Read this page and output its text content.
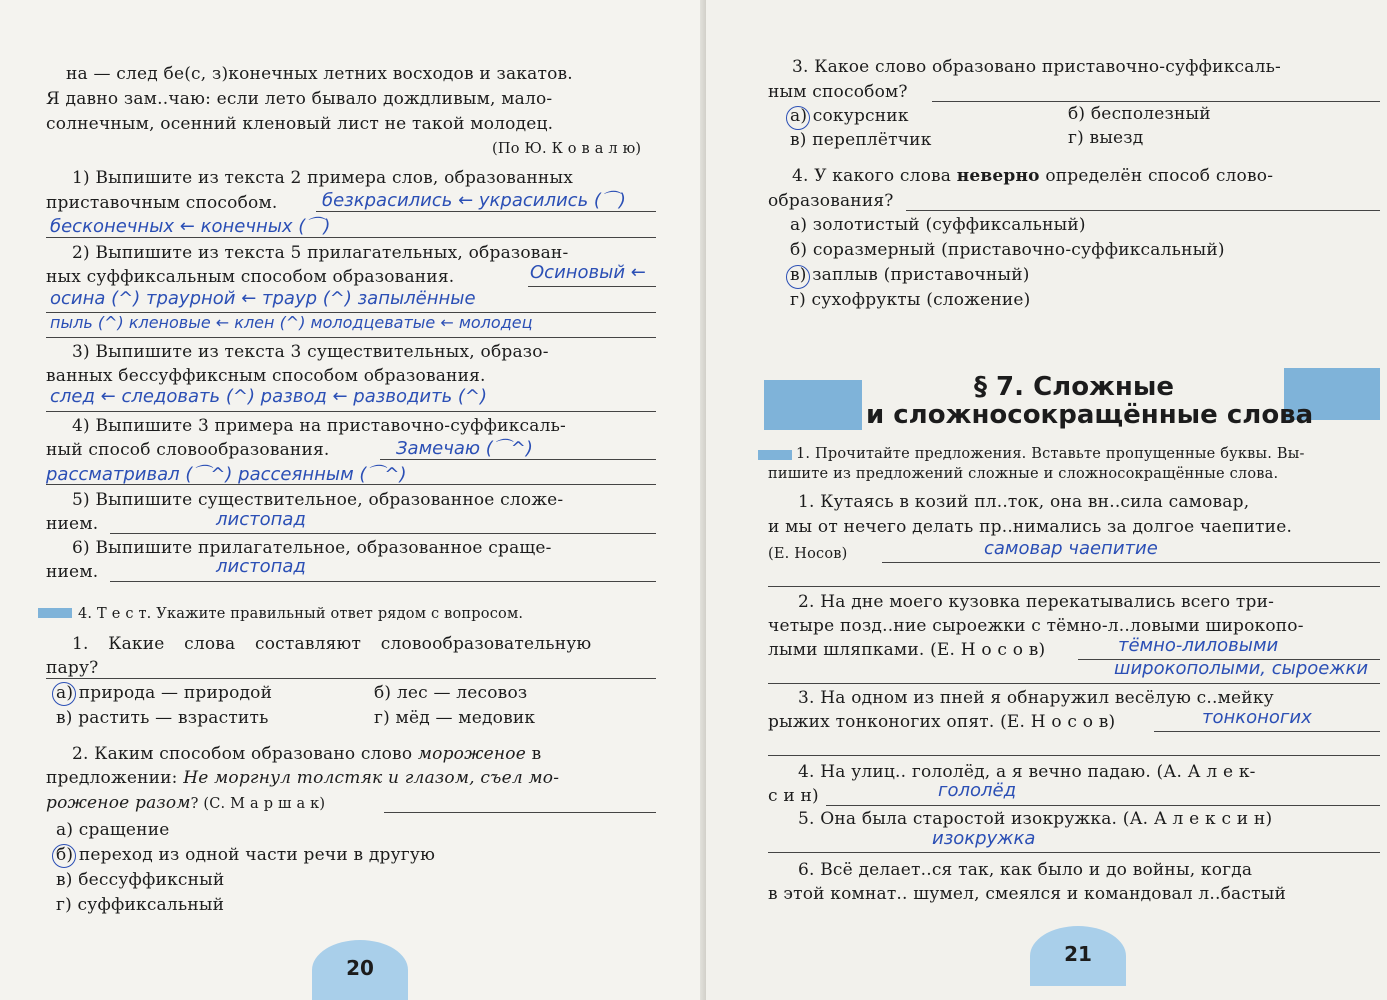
на — след бе(с, з)конечных летних восходов и закатов.
Я давно зам..чаю: если лето бывало дождливым, мало-
солнечным, осенний кленовый лист не такой молодец.
(По Ю. К о в а л ю)
1) Выпишите из текста 2 примера слов, образованных
приставочным способом. безкрасились ← украсились (⌒)
бесконечных ← конечных (⌒)
2) Выпишите из текста 5 прилагательных, образован-
ных суффиксальным способом образования.	Осиновый ←
осина (^) траурной ← траур (^) запылённые
пыль (^) кленовые ← клен (^) молодцеватые ← молодец
3) Выпишите из текста 3 существительных, образо-
ванных бессуффиксным способом образования.
след ← следовать (^) развод ← разводить (^)
4) Выпишите 3 примера на приставочно-суффиксаль-
ный способ словообразования.	Замечаю (⌒^)
рассматривал (⌒^) рассеянным (⌒^)
5) Выпишите существительное, образованное сложе-
нием.	листопад
6) Выпишите прилагательное, образованное сраще-
нием.	листопад
4. Т е с т. Укажите правильный ответ рядом с вопросом.
1. Какие слова составляют словообразовательную
пару?
а) природа — природой	б) лес — лесовоз
в) растить — взрастить	г) мёд — медовик
2. Каким способом образовано слово мороженое в
предложении: Не моргнул толстяк и глазом, съел мо-
роженое разом? (С. М а р ш а к)
а) сращение
б) переход из одной части речи в другую
в) бессуффиксный
г) суффиксальный
20
3. Какое слово образовано приставочно-суффиксаль-
ным способом?
а) сокурсник	б) бесполезный
в) переплётчик	г) выезд
4. У какого слова неверно определён способ слово-
образования?
а) золотистый (суффиксальный)
б) соразмерный (приставочно-суффиксальный)
в) заплыв (приставочный)
г) сухофрукты (сложение)
§ 7. Сложные
и сложносокращённые слова
1. Прочитайте предложения. Вставьте пропущенные буквы. Вы-
пишите из предложений сложные и сложносокращённые слова.
1. Кутаясь в козий пл..ток, она вн..сила самовар,
и мы от нечего делать пр..нимались за долгое чаепитие.
(Е. Носов)	самовар чаепитие
2. На дне моего кузовка перекатывались всего три-
четыре позд..ние сыроежки с тёмно-л..ловыми широкопо-
лыми шляпками. (Е. Н о с о в)	тёмно-лиловыми
широкополыми, сыроежки
3. На одном из пней я обнаружил весёлую с..мейку
рыжих тонконогих опят. (Е. Н о с о в)	тонконогих
4. На улиц.. гололёд, а я вечно падаю. (А. А л е к-
с и н)	гололёд
5. Она была старостой изокружка. (А. А л е к с и н)
изокружка
6. Всё делает..ся так, как было и до войны, когда
в этой комнат.. шумел, смеялся и командовал л..бастый
21
